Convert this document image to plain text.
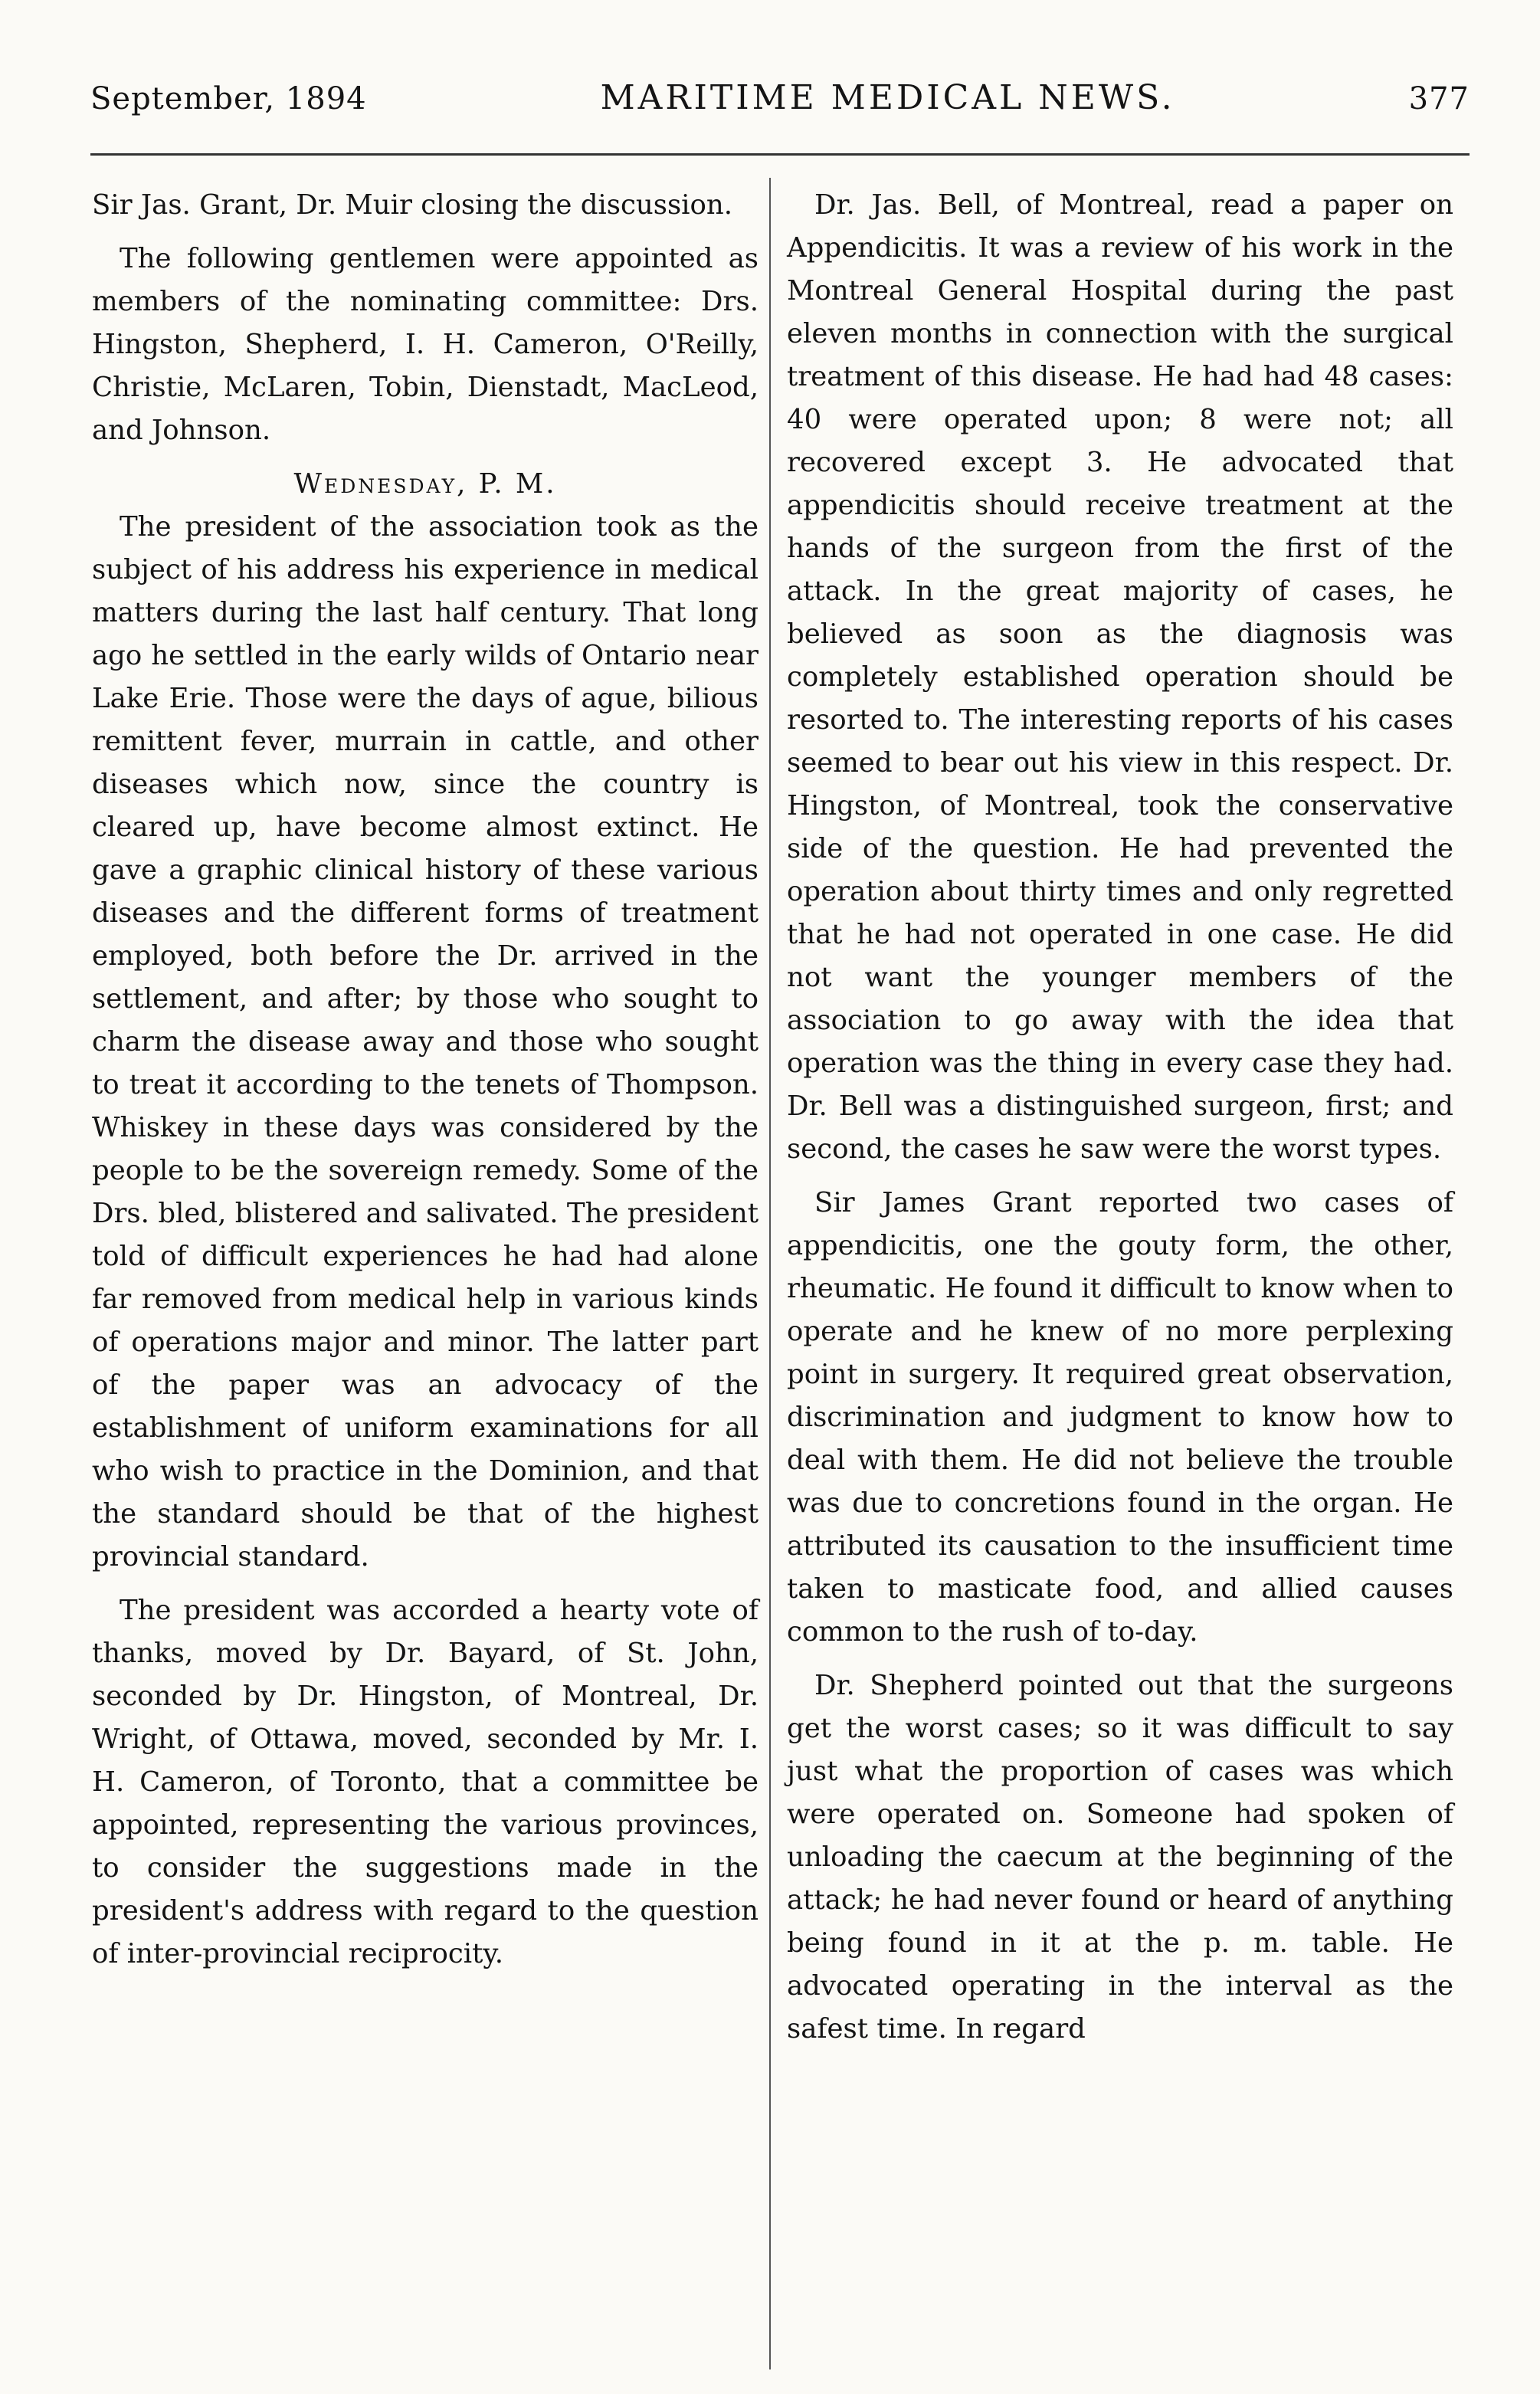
September, 1894	MARITIME MEDICAL NEWS.	377

Sir Jas. Grant, Dr. Muir closing the discussion.

The following gentlemen were appointed as members of the nominating committee: Drs. Hingston, Shepherd, I. H. Cameron, O'Reilly, Christie, McLaren, Tobin, Dienstadt, MacLeod, and Johnson.

Wednesday, P. M.

The president of the association took as the subject of his address his experience in medical matters during the last half century. That long ago he settled in the early wilds of Ontario near Lake Erie. Those were the days of ague, bilious remittent fever, murrain in cattle, and other diseases which now, since the country is cleared up, have become almost extinct. He gave a graphic clinical history of these various diseases and the different forms of treatment employed, both before the Dr. arrived in the settlement, and after; by those who sought to charm the disease away and those who sought to treat it according to the tenets of Thompson. Whiskey in these days was considered by the people to be the sovereign remedy. Some of the Drs. bled, blistered and salivated. The president told of difficult experiences he had had alone far removed from medical help in various kinds of operations major and minor. The latter part of the paper was an advocacy of the establishment of uniform examinations for all who wish to practice in the Dominion, and that the standard should be that of the highest provincial standard.

The president was accorded a hearty vote of thanks, moved by Dr. Bayard, of St. John, seconded by Dr. Hingston, of Montreal, Dr. Wright, of Ottawa, moved, seconded by Mr. I. H. Cameron, of Toronto, that a committee be appointed, representing the various provinces, to consider the suggestions made in the president's address with regard to the question of inter-provincial reciprocity.

Dr. Jas. Bell, of Montreal, read a paper on Appendicitis. It was a review of his work in the Montreal General Hospital during the past eleven months in connection with the surgical treatment of this disease. He had had 48 cases: 40 were operated upon; 8 were not; all recovered except 3. He advocated that appendicitis should receive treatment at the hands of the surgeon from the first of the attack. In the great majority of cases, he believed as soon as the diagnosis was completely established operation should be resorted to. The interesting reports of his cases seemed to bear out his view in this respect. Dr. Hingston, of Montreal, took the conservative side of the question. He had prevented the operation about thirty times and only regretted that he had not operated in one case. He did not want the younger members of the association to go away with the idea that operation was the thing in every case they had. Dr. Bell was a distinguished surgeon, first; and second, the cases he saw were the worst types.

Sir James Grant reported two cases of appendicitis, one the gouty form, the other, rheumatic. He found it difficult to know when to operate and he knew of no more perplexing point in surgery. It required great observation, discrimination and judgment to know how to deal with them. He did not believe the trouble was due to concretions found in the organ. He attributed its causation to the insufficient time taken to masticate food, and allied causes common to the rush of to-day.

Dr. Shepherd pointed out that the surgeons get the worst cases; so it was difficult to say just what the proportion of cases was which were operated on. Someone had spoken of unloading the caecum at the beginning of the attack; he had never found or heard of anything being found in it at the p. m. table. He advocated operating in the interval as the safest time. In regard
